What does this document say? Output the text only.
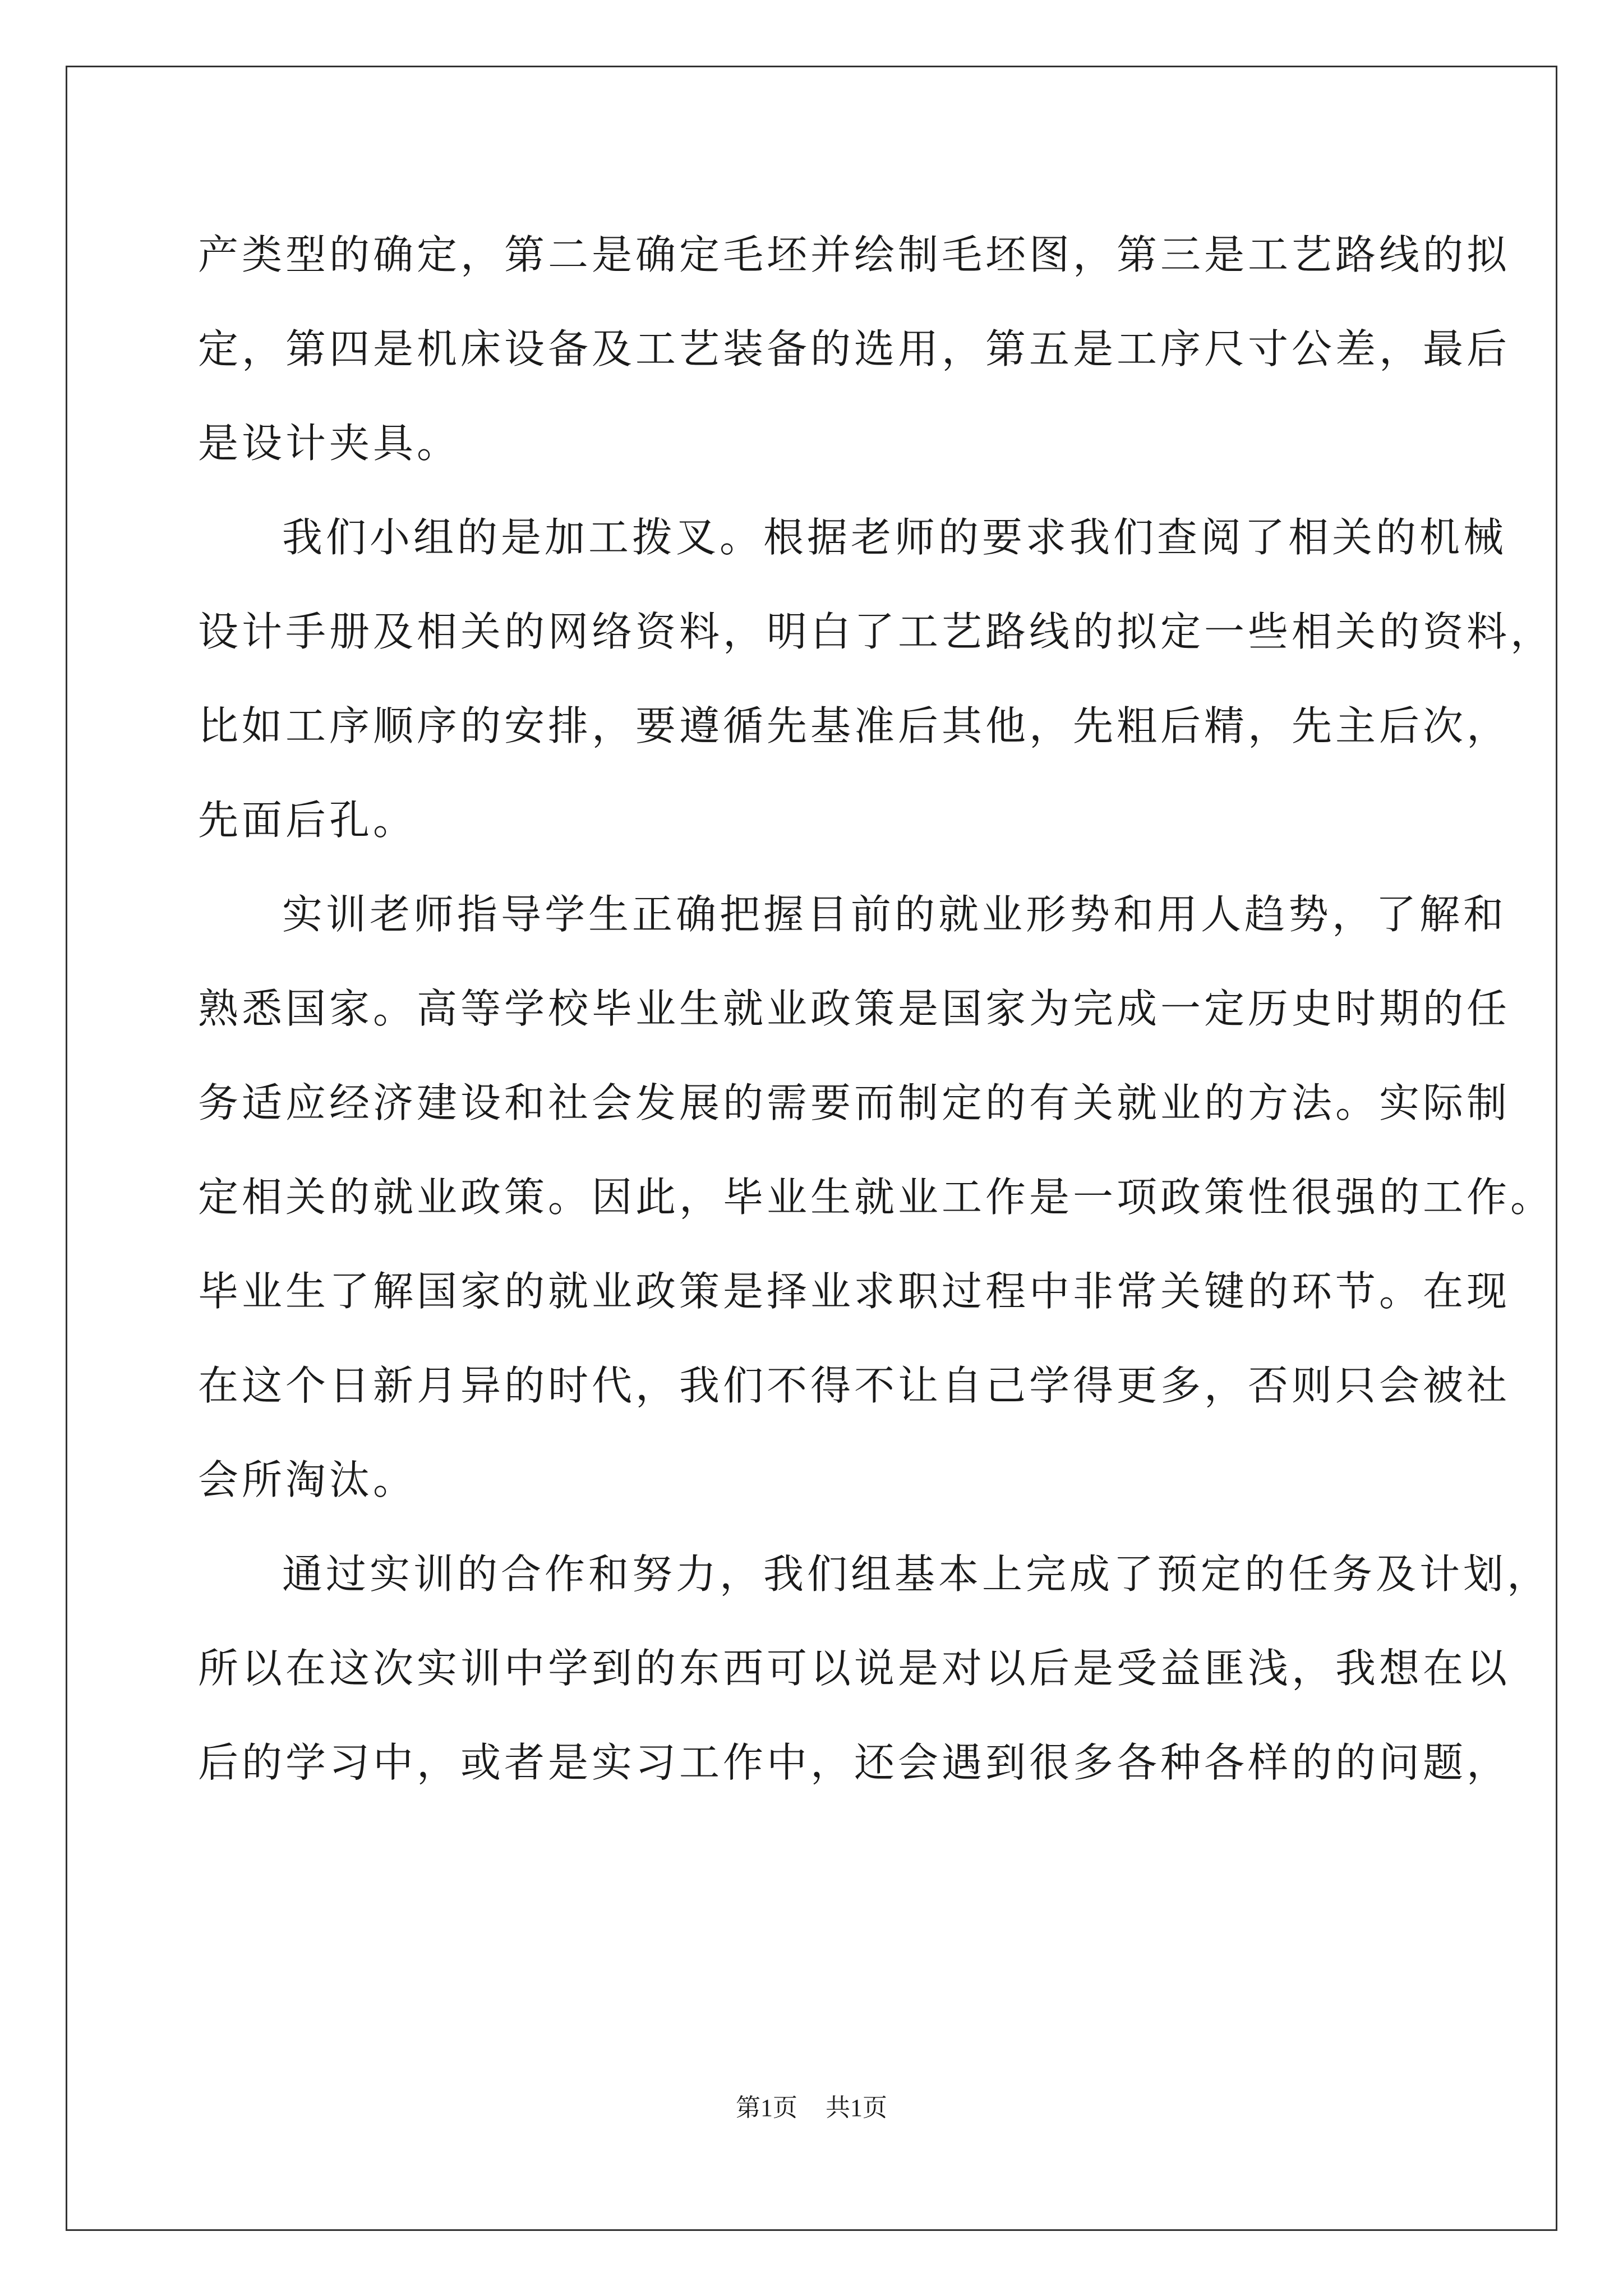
产类型的确定，第二是确定毛坯并绘制毛坯图，第三是工艺路线的拟
定，第四是机床设备及工艺装备的选用，第五是工序尺寸公差，最后
是设计夹具。
我们小组的是加工拨叉。根据老师的要求我们查阅了相关的机械
设计手册及相关的网络资料，明白了工艺路线的拟定一些相关的资料，
比如工序顺序的安排，要遵循先基准后其他，先粗后精，先主后次，
先面后孔。
实训老师指导学生正确把握目前的就业形势和用人趋势，了解和
熟悉国家。高等学校毕业生就业政策是国家为完成一定历史时期的任
务适应经济建设和社会发展的需要而制定的有关就业的方法。实际制
定相关的就业政策。因此，毕业生就业工作是一项政策性很强的工作。
毕业生了解国家的就业政策是择业求职过程中非常关键的环节。在现
在这个日新月异的时代，我们不得不让自己学得更多，否则只会被社
会所淘汰。
通过实训的合作和努力，我们组基本上完成了预定的任务及计划，
所以在这次实训中学到的东西可以说是对以后是受益匪浅，我想在以
后的学习中，或者是实习工作中，还会遇到很多各种各样的的问题，
第1页 共1页
